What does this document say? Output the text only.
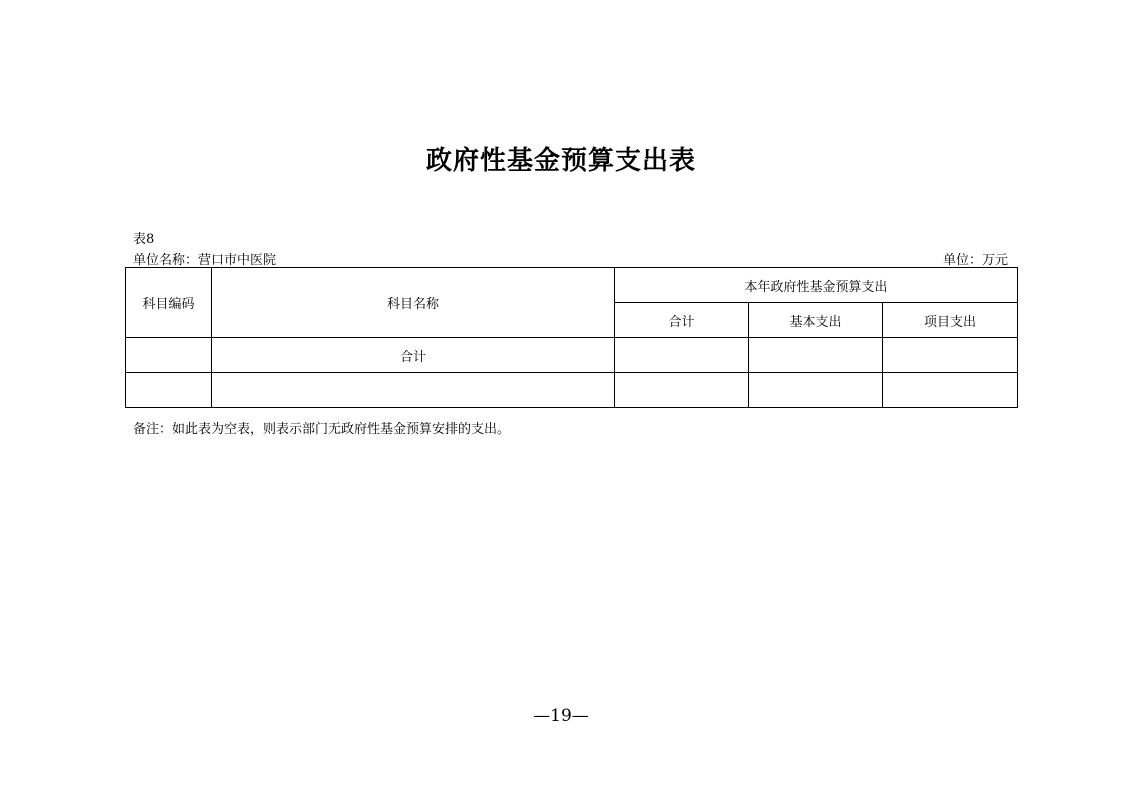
政府性基金预算支出表
表8
单位名称：营口市中医院	单位：万元
科目编码	科目名称	本年政府性基金预算支出		
		合计	基本支出	项目支出
	合计			

备注：如此表为空表，则表示部门无政府性基金预算安排的支出。
—19—
